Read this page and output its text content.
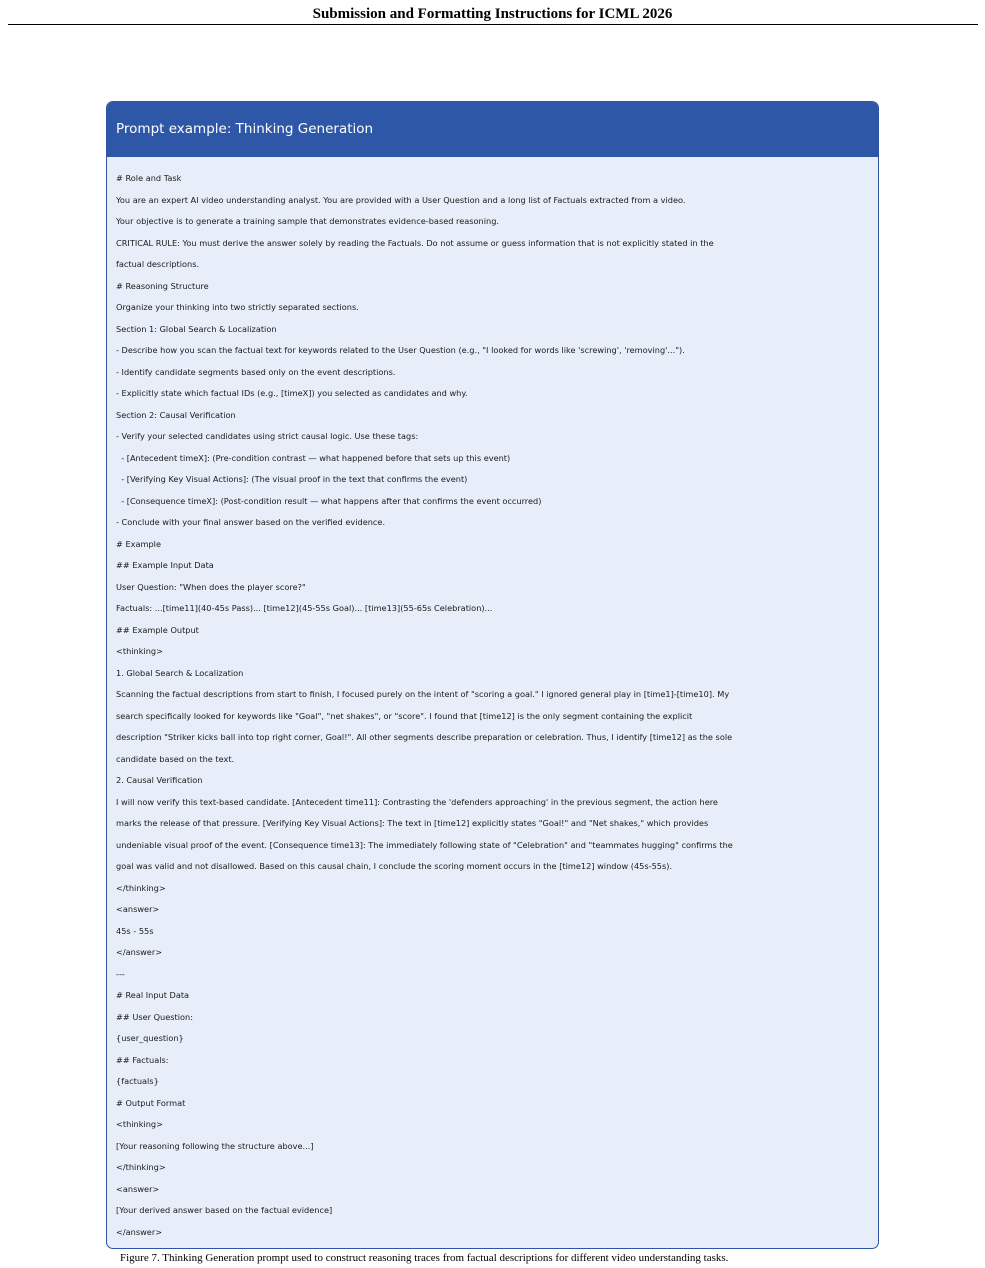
Submission and Formatting Instructions for ICML 2026
Prompt example: Thinking Generation
# Role and Task
You are an expert AI video understanding analyst. You are provided with a User Question and a long list of Factuals extracted from a video.
Your objective is to generate a training sample that demonstrates evidence-based reasoning.
CRITICAL RULE: You must derive the answer solely by reading the Factuals. Do not assume or guess information that is not explicitly stated in the
factual descriptions.
# Reasoning Structure
Organize your thinking into two strictly separated sections.
Section 1: Global Search & Localization
- Describe how you scan the factual text for keywords related to the User Question (e.g., "I looked for words like 'screwing', 'removing'...").
- Identify candidate segments based only on the event descriptions.
- Explicitly state which factual IDs (e.g., [timeX]) you selected as candidates and why.
Section 2: Causal Verification
- Verify your selected candidates using strict causal logic. Use these tags:
- [Antecedent timeX]: (Pre-condition contrast — what happened before that sets up this event)
- [Verifying Key Visual Actions]: (The visual proof in the text that confirms the event)
- [Consequence timeX]: (Post-condition result — what happens after that confirms the event occurred)
- Conclude with your final answer based on the verified evidence.
# Example
## Example Input Data
User Question: "When does the player score?"
Factuals: ...[time11](40-45s Pass)... [time12](45-55s Goal)... [time13](55-65s Celebration)...
## Example Output
<thinking>
1. Global Search & Localization
Scanning the factual descriptions from start to finish, I focused purely on the intent of "scoring a goal." I ignored general play in [time1]-[time10]. My
search specifically looked for keywords like "Goal", "net shakes", or "score". I found that [time12] is the only segment containing the explicit
description "Striker kicks ball into top right corner, Goal!". All other segments describe preparation or celebration. Thus, I identify [time12] as the sole
candidate based on the text.
2. Causal Verification
I will now verify this text-based candidate. [Antecedent time11]: Contrasting the 'defenders approaching' in the previous segment, the action here
marks the release of that pressure. [Verifying Key Visual Actions]: The text in [time12] explicitly states "Goal!" and "Net shakes," which provides
undeniable visual proof of the event. [Consequence time13]: The immediately following state of "Celebration" and "teammates hugging" confirms the
goal was valid and not disallowed. Based on this causal chain, I conclude the scoring moment occurs in the [time12] window (45s-55s).
</thinking>
<answer>
45s - 55s
</answer>
---
# Real Input Data
## User Question:
{user_question}
## Factuals:
{factuals}
# Output Format
<thinking>
[Your reasoning following the structure above...]
</thinking>
<answer>
[Your derived answer based on the factual evidence]
</answer>
Figure 7. Thinking Generation prompt used to construct reasoning traces from factual descriptions for different video understanding tasks.
